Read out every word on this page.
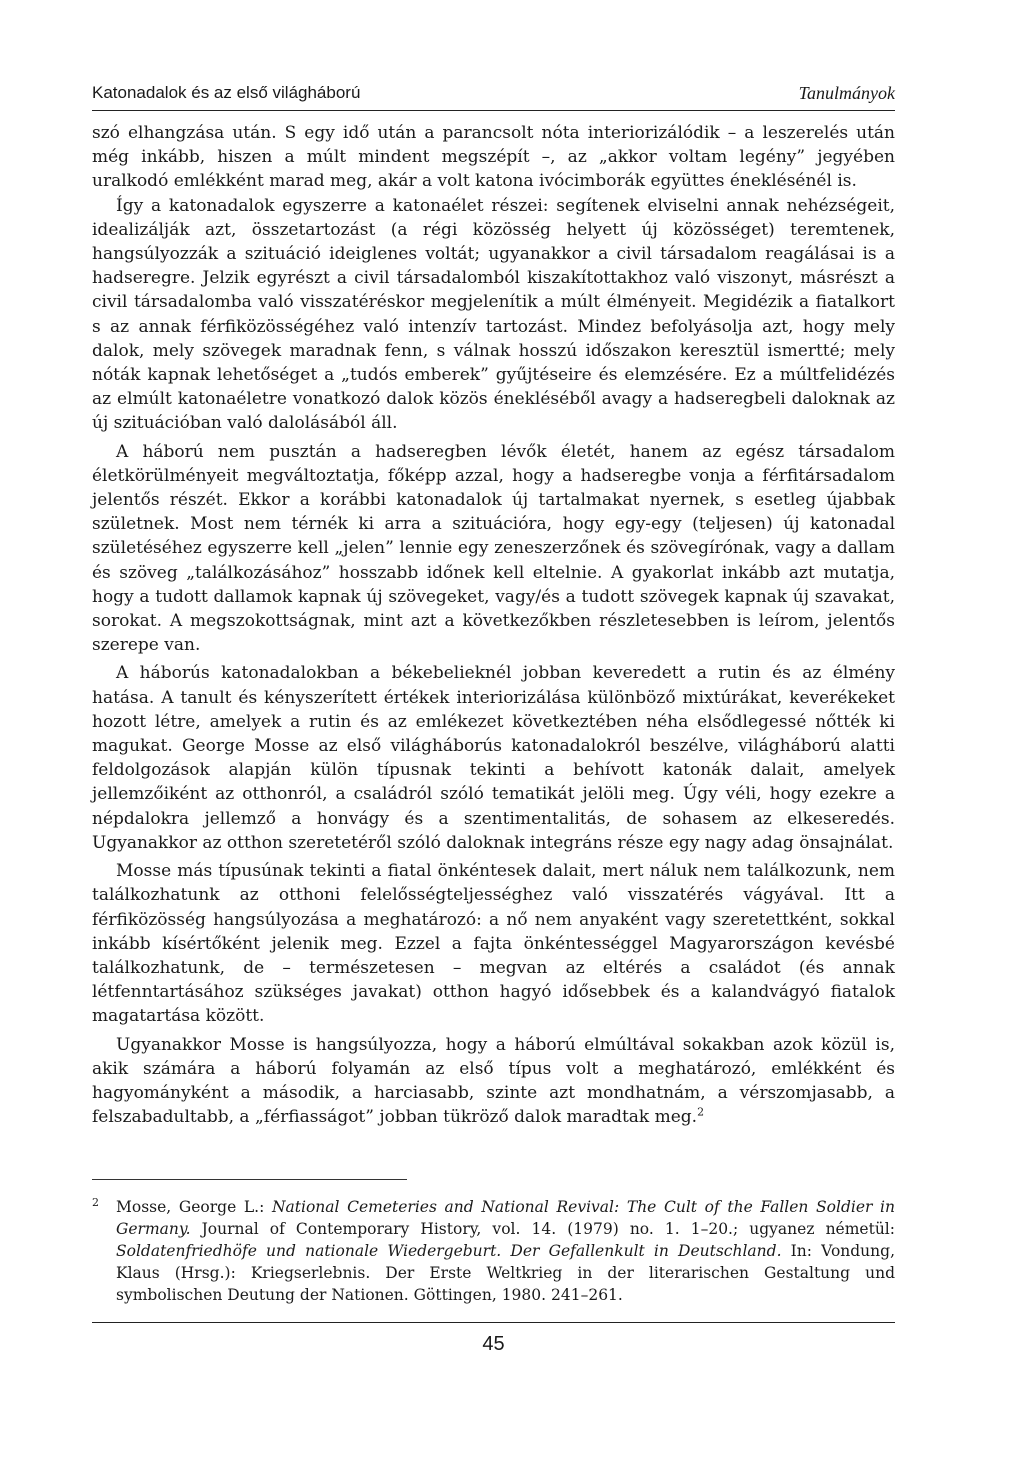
Katonadalok és az első világháború	Tanulmányok

szó elhangzása után. S egy idő után a parancsolt nóta interiorizálódik – a leszerelés után még inkább, hiszen a múlt mindent megszépít –, az „akkor voltam legény” jegyében uralkodó emlékként marad meg, akár a volt katona ivócimborák együttes éneklésénél is.

Így a katonadalok egyszerre a katonaélet részei: segítenek elviselni annak nehézségeit, idealizálják azt, összetartozást (a régi közösség helyett új közösséget) teremtenek, hangsúlyozzák a szituáció ideiglenes voltát; ugyanakkor a civil társadalom reagálásai is a hadseregre. Jelzik egyrészt a civil társadalomból kiszakítottakhoz való viszonyt, másrészt a civil társadalomba való visszatéréskor megjelenítik a múlt élményeit. Megidézik a fiatalkort s az annak férfiközösségéhez való intenzív tartozást. Mindez befolyásolja azt, hogy mely dalok, mely szövegek maradnak fenn, s válnak hosszú időszakon keresztül ismertté; mely nóták kapnak lehetőséget a „tudós emberek” gyűjtéseire és elemzésére. Ez a múltfelidézés az elmúlt katonaéletre vonatkozó dalok közös énekléséből avagy a hadseregbeli daloknak az új szituációban való dalolásából áll.

A háború nem pusztán a hadseregben lévők életét, hanem az egész társadalom életkörülményeit megváltoztatja, főképp azzal, hogy a hadseregbe vonja a férfitársadalom jelentős részét. Ekkor a korábbi katonadalok új tartalmakat nyernek, s esetleg újabbak születnek. Most nem térnék ki arra a szituációra, hogy egy-egy (teljesen) új katonadal születéséhez egyszerre kell „jelen” lennie egy zeneszerzőnek és szövegírónak, vagy a dallam és szöveg „találkozásához” hosszabb időnek kell eltelnie. A gyakorlat inkább azt mutatja, hogy a tudott dallamok kapnak új szövegeket, vagy/és a tudott szövegek kapnak új szavakat, sorokat. A megszokottságnak, mint azt a következőkben részletesebben is leírom, jelentős szerepe van.

A háborús katonadalokban a békebelieknél jobban keveredett a rutin és az élmény hatása. A tanult és kényszerített értékek interiorizálása különböző mixtúrákat, keverékeket hozott létre, amelyek a rutin és az emlékezet következtében néha elsődlegessé nőtték ki magukat. George Mosse az első világháborús katonadalokról beszélve, világháború alatti feldolgozások alapján külön típusnak tekinti a behívott katonák dalait, amelyek jellemzőiként az otthonról, a családról szóló tematikát jelöli meg. Úgy véli, hogy ezekre a népdalokra jellemző a honvágy és a szentimentalitás, de sohasem az elkeseredés. Ugyanakkor az otthon szeretetéről szóló daloknak integráns része egy nagy adag önsajnálat.

Mosse más típusúnak tekinti a fiatal önkéntesek dalait, mert náluk nem találkozunk, nem találkozhatunk az otthoni felelősségteljességhez való visszatérés vágyával. Itt a férfiközösség hangsúlyozása a meghatározó: a nő nem anyaként vagy szeretettként, sokkal inkább kísértőként jelenik meg. Ezzel a fajta önkéntességgel Magyarországon kevésbé találkozhatunk, de – természetesen – megvan az eltérés a családot (és annak létfenntartásához szükséges javakat) otthon hagyó idősebbek és a kalandvágyó fiatalok magatartása között.

Ugyanakkor Mosse is hangsúlyozza, hogy a háború elmúltával sokakban azok közül is, akik számára a háború folyamán az első típus volt a meghatározó, emlékként és hagyományként a második, a harciasabb, szinte azt mondhatnám, a vérszomjasabb, a felszabadultabb, a „férfiasságot” jobban tükröző dalok maradtak meg.$^2$

2 Mosse, George L.: National Cemeteries and National Revival: The Cult of the Fallen Soldier in Germany. Journal of Contemporary History, vol. 14. (1979) no. 1. 1–20.; ugyanez németül: Soldatenfriedhöfe und nationale Wiedergeburt. Der Gefallenkult in Deutschland. In: Vondung, Klaus (Hrsg.): Kriegserlebnis. Der Erste Weltkrieg in der literarischen Gestaltung und symbolischen Deutung der Nationen. Göttingen, 1980. 241–261.
45
